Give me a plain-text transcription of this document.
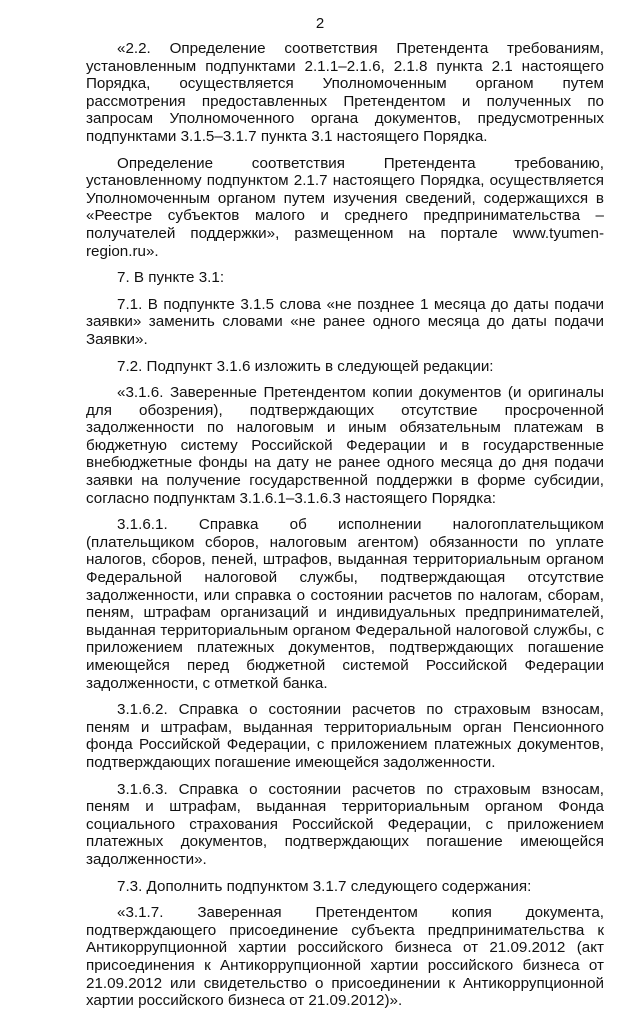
2

«2.2. Определение соответствия Претендента требованиям, установленным подпунктами 2.1.1–2.1.6, 2.1.8 пункта 2.1 настоящего Порядка, осуществляется Уполномоченным органом путем рассмотрения предоставленных Претендентом и полученных по запросам Уполномоченного органа документов, предусмотренных подпунктами 3.1.5–3.1.7 пункта 3.1 настоящего Порядка.

Определение соответствия Претендента требованию, установленному подпунктом 2.1.7 настоящего Порядка, осуществляется Уполномоченным органом путем изучения сведений, содержащихся в «Реестре субъектов малого и среднего предпринимательства – получателей поддержки», размещенном на портале www.tyumen-region.ru».

7. В пункте 3.1:

7.1. В подпункте 3.1.5 слова «не позднее 1 месяца до даты подачи заявки» заменить словами «не ранее одного месяца до даты подачи Заявки».

7.2. Подпункт 3.1.6 изложить в следующей редакции:

«3.1.6. Заверенные Претендентом копии документов (и оригиналы для обозрения), подтверждающих отсутствие просроченной задолженности по налоговым и иным обязательным платежам в бюджетную систему Российской Федерации и в государственные внебюджетные фонды на дату не ранее одного месяца до дня подачи заявки на получение государственной поддержки в форме субсидии, согласно подпунктам 3.1.6.1–3.1.6.3 настоящего Порядка:

3.1.6.1. Справка об исполнении налогоплательщиком (плательщиком сборов, налоговым агентом) обязанности по уплате налогов, сборов, пеней, штрафов, выданная территориальным органом Федеральной налоговой службы, подтверждающая отсутствие задолженности, или справка о состоянии расчетов по налогам, сборам, пеням, штрафам организаций и индивидуальных предпринимателей, выданная территориальным органом Федеральной налоговой службы, с приложением платежных документов, подтверждающих погашение имеющейся перед бюджетной системой Российской Федерации задолженности, с отметкой банка.

3.1.6.2. Справка о состоянии расчетов по страховым взносам, пеням и штрафам, выданная территориальным орган Пенсионного фонда Российской Федерации, с приложением платежных документов, подтверждающих погашение имеющейся задолженности.

3.1.6.3. Справка о состоянии расчетов по страховым взносам, пеням и штрафам, выданная территориальным органом Фонда социального страхования Российской Федерации, с приложением платежных документов, подтверждающих погашение имеющейся задолженности».

7.3. Дополнить подпунктом 3.1.7 следующего содержания:

«3.1.7. Заверенная Претендентом копия документа, подтверждающего присоединение субъекта предпринимательства к Антикоррупционной хартии российского бизнеса от 21.09.2012 (акт присоединения к Антикоррупционной хартии российского бизнеса от 21.09.2012 или свидетельство о присоединении к Антикоррупционной хартии российского бизнеса от 21.09.2012)».
